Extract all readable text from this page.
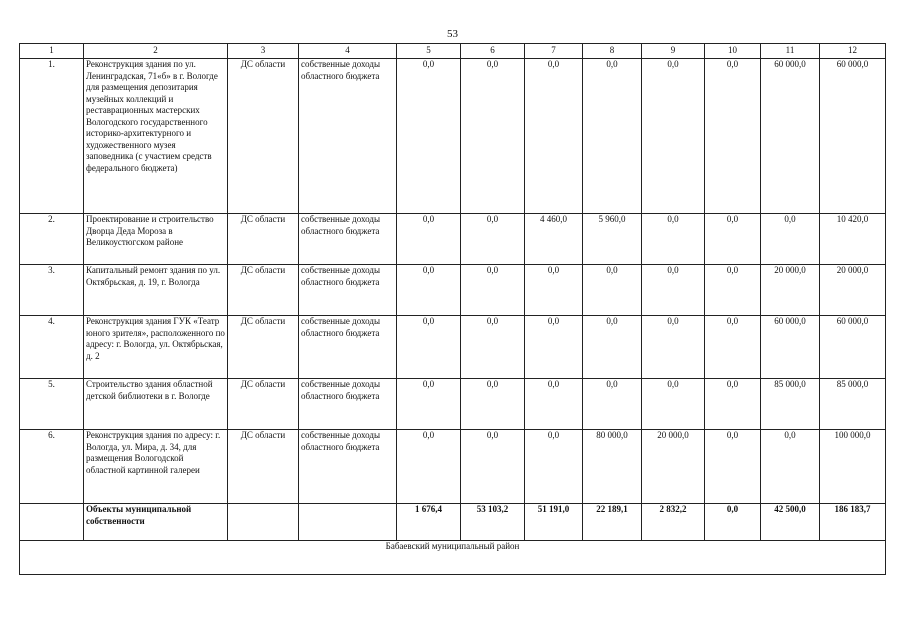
53
1	2	3	4	5	6	7	8	9	10	11	12
1.	Реконструкция здания по ул. Ленинградская, 71«б» в г. Вологде для размещения депозитария музейных коллекций и реставрационных мастерских Вологодского государственного историко-архитектурного и художественного музея заповедника (с участием средств федерального бюджета)	ДС области	собственные доходы областного бюджета	0,0	0,0	0,0	0,0	0,0	0,0	60 000,0	60 000,0
2.	Проектирование и строительство Дворца Деда Мороза в Великоустюгском районе	ДС области	собственные доходы областного бюджета	0,0	0,0	4 460,0	5 960,0	0,0	0,0	0,0	10 420,0
3.	Капитальный ремонт здания по ул. Октябрьская, д. 19, г. Вологда	ДС области	собственные доходы областного бюджета	0,0	0,0	0,0	0,0	0,0	0,0	20 000,0	20 000,0
4.	Реконструкция здания ГУК «Театр юного зрителя», расположенного по адресу: г. Вологда, ул. Октябрьская, д. 2	ДС области	собственные доходы областного бюджета	0,0	0,0	0,0	0,0	0,0	0,0	60 000,0	60 000,0
5.	Строительство здания областной детской библиотеки в г. Вологде	ДС области	собственные доходы областного бюджета	0,0	0,0	0,0	0,0	0,0	0,0	85 000,0	85 000,0
6.	Реконструкция здания по адресу: г. Вологда, ул. Мира, д. 34, для размещения Вологодской областной картинной галереи	ДС области	собственные доходы областного бюджета	0,0	0,0	0,0	80 000,0	20 000,0	0,0	0,0	100 000,0
	Объекты муниципальной собственности			1 676,4	53 103,2	51 191,0	22 189,1	2 832,2	0,0	42 500,0	186 183,7
Бабаевский муниципальный район											
